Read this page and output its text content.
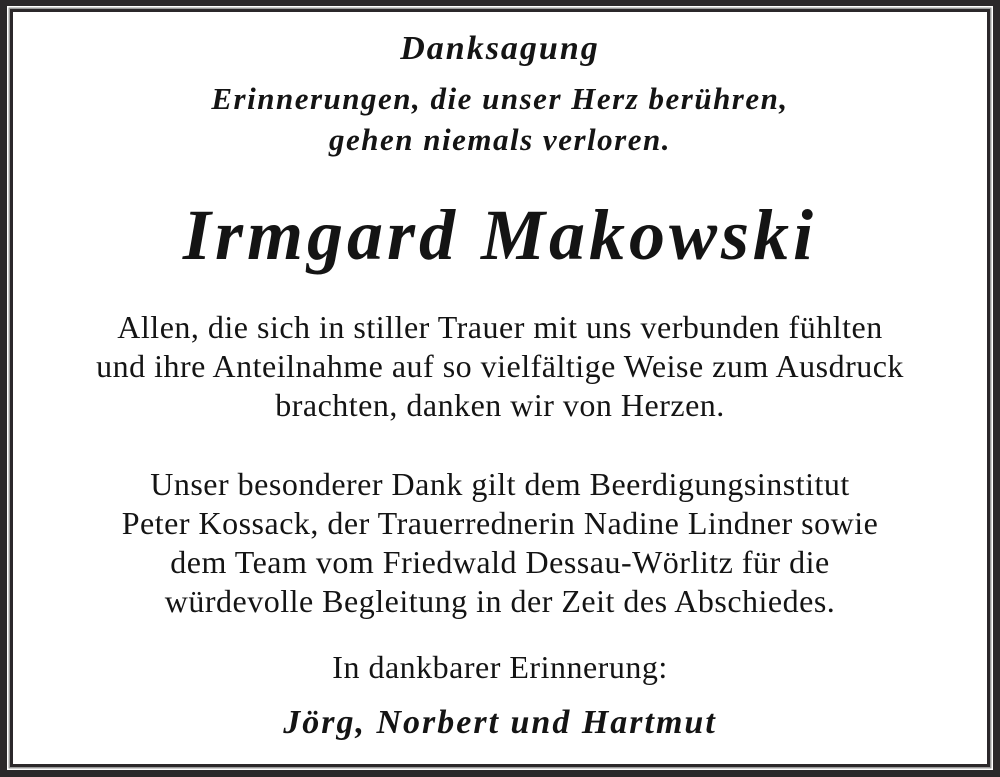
Danksagung
Erinnerungen, die unser Herz berühren,
gehen niemals verloren.
Irmgard Makowski
Allen, die sich in stiller Trauer mit uns verbunden fühlten
und ihre Anteilnahme auf so vielfältige Weise zum Ausdruck
brachten, danken wir von Herzen.
Unser besonderer Dank gilt dem Beerdigungsinstitut
Peter Kossack, der Trauerrednerin Nadine Lindner sowie
dem Team vom Friedwald Dessau-Wörlitz für die
würdevolle Begleitung in der Zeit des Abschiedes.
In dankbarer Erinnerung:
Jörg, Norbert und Hartmut
